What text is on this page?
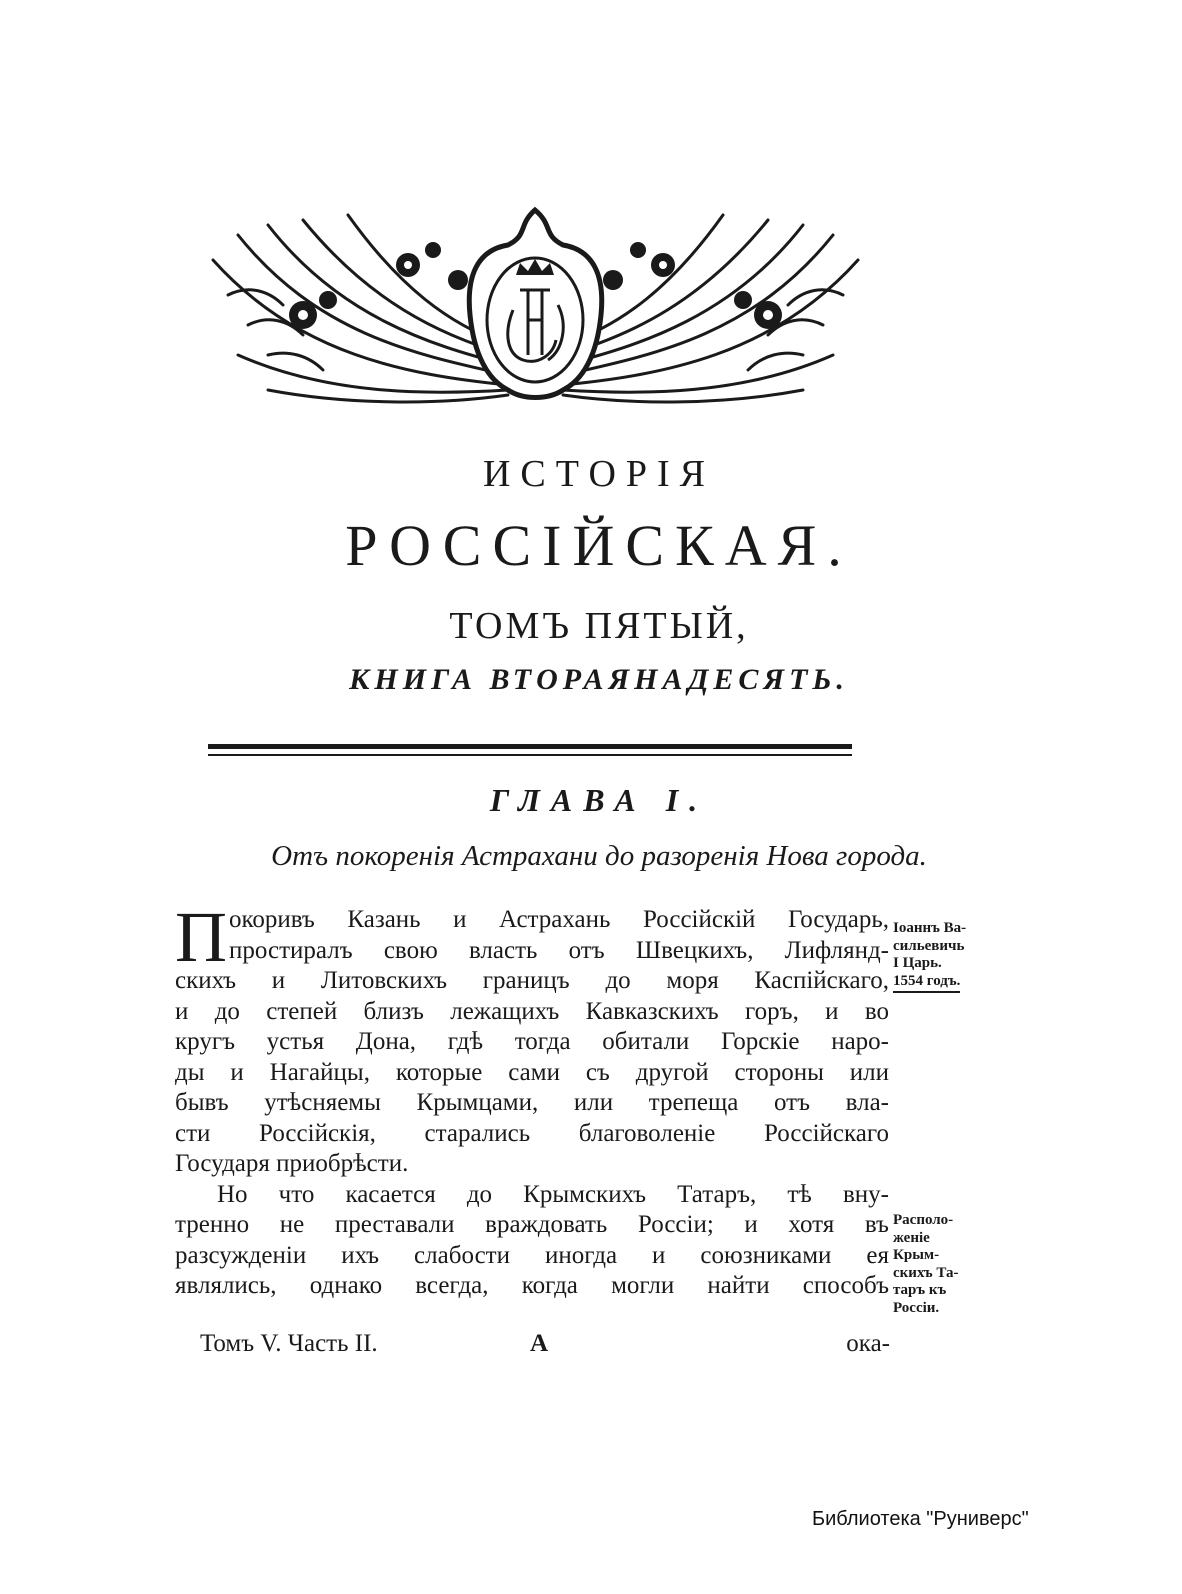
ИСТОРІЯ
РОССІЙСКАЯ.
ТОМЪ ПЯТЫЙ,
КНИГА ВТОРАЯНАДЕСЯТЬ.
ГЛАВА I.
Отъ покоренія Астрахани до разоренія Нова города.
П окоривъ Казань и Астрахань Россійскій Государь,
простиралъ свою власть отъ Швецкихъ, Лифлянд-
скихъ и Литовскихъ границъ до моря Каспійскаго,
и до степей близъ лежащихъ Кавказскихъ горъ, и во
кругъ устья Дона, гдѣ тогда обитали Горскіе наро-
ды и Нагайцы, которые сами съ другой стороны или
бывъ утѣсняемы Крымцами, или трепеща отъ вла-
сти Россійскія, старались благоволеніе Россійскаго
Государя приобрѣсти.
Но что касается до Крымскихъ Татаръ, тѣ вну-
тренно не преставали враждовать Россіи; и хотя въ
разсужденіи ихъ слабости иногда и союзниками ея
являлись, однако всегда, когда могли найти способъ
Іоаннъ Ва-
сильевичь
I Царь.
1554 годъ.
Располо-
женіе
Крым-
скихъ Та-
таръ къ
Россіи.
Томъ V. Часть II.	A	ока-
Библиотека "Руниверс"
